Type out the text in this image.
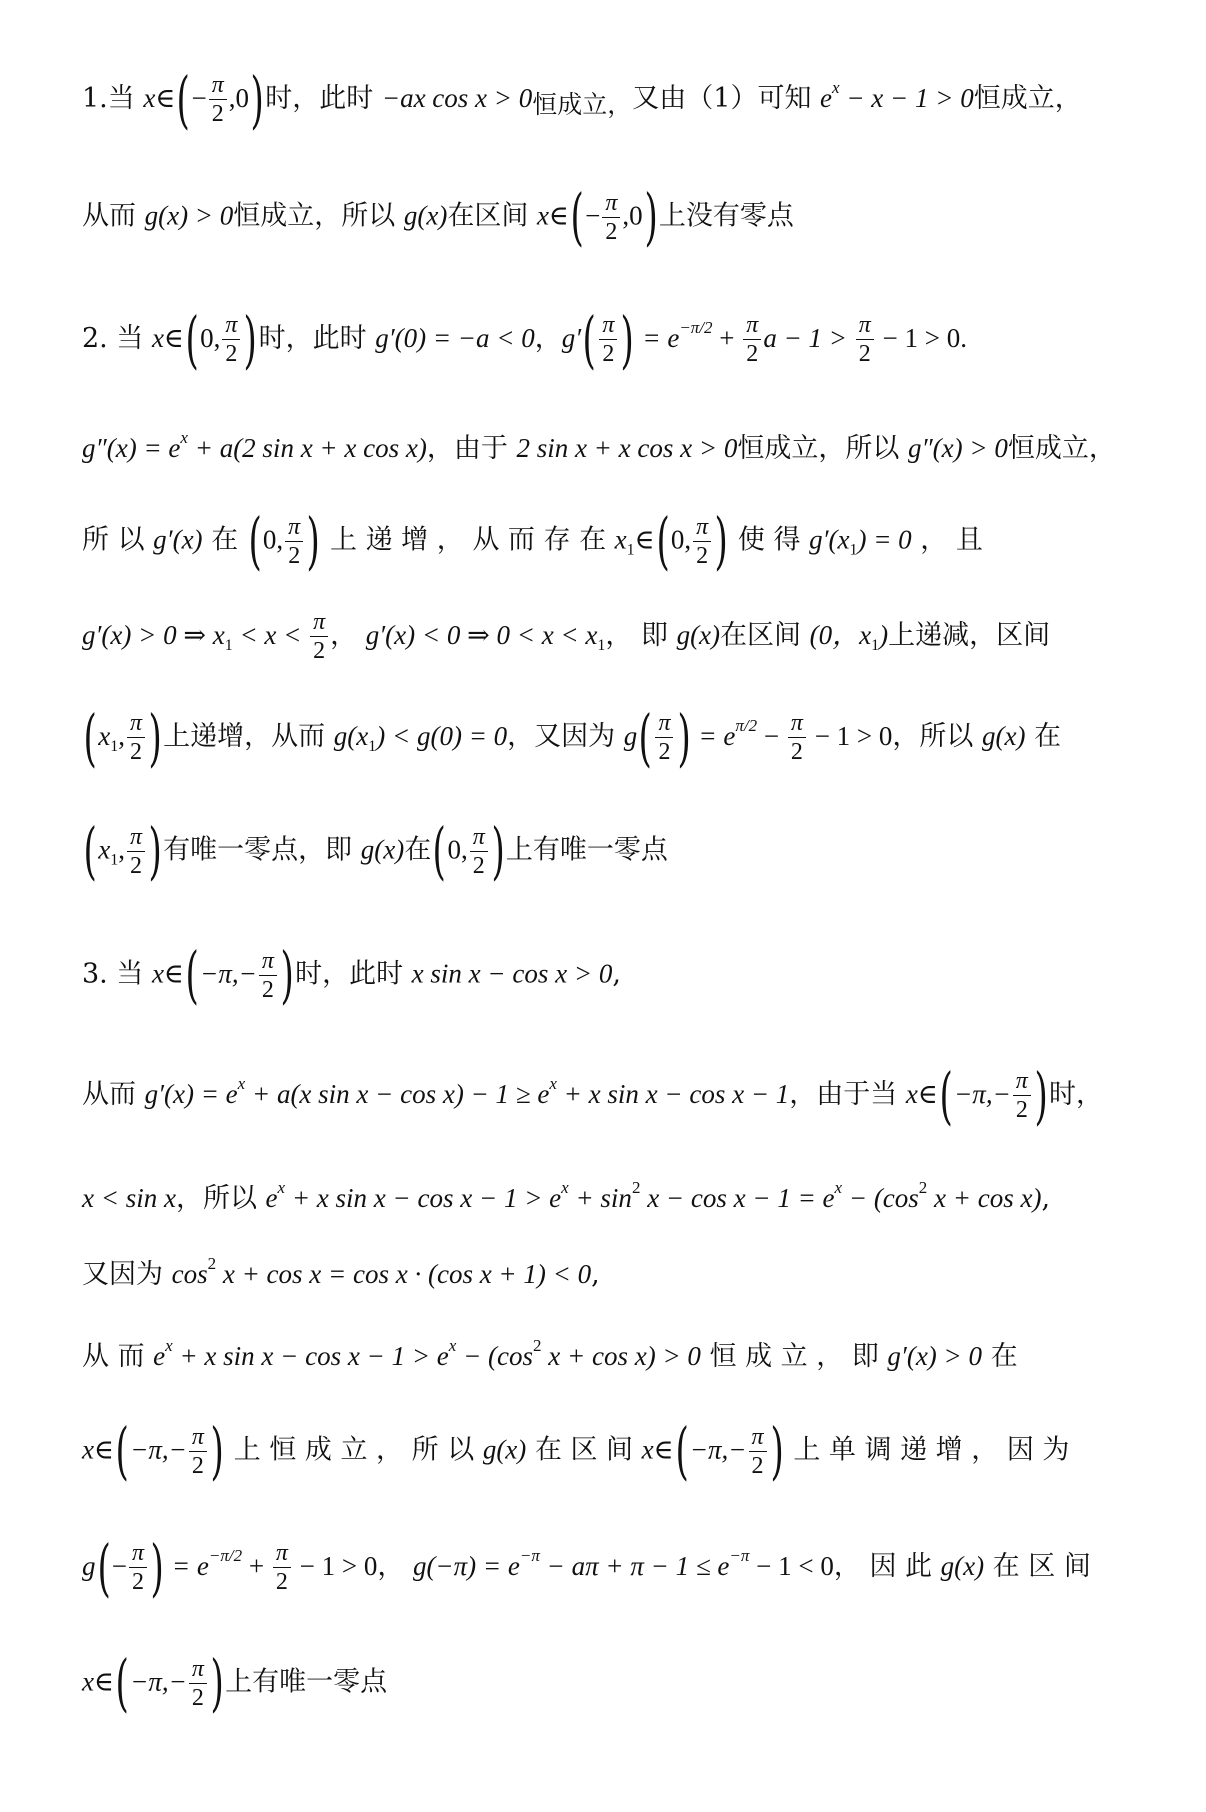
1.当 x∈(− $\frac{\pi}{2} ,0$)时，此时 −ax cos x > 0恒成立，又由（1）可知 $e^x - x - 1 > 0$恒成立，
从而 g(x) > 0恒成立，所以 g(x)在区间 x∈(− $\frac{\pi}{2} ,0$)上没有零点
2. 当 x∈(0, $\frac{\pi}{2}$ )时，此时 g′(0) = −a < 0，$g'( \frac{\pi}{2}$ ) = $e^{-\pi/2} + \frac{\pi}{2}$ $a - 1 > \frac{\pi}{2} - 1 > 0$.
$g''(x) = e^x + a(2$ sin x + x cos x)，由于 2 sin x + x cos x > 0恒成立，所以 g″(x) > 0恒成立，
所 以 g′(x) 在 (0, $\frac{\pi}{2}$ ) 上 递 增 ， 从 而 存 在 $x_1\in(0$, $\frac{\pi}{2}$ ) 使 得 $g'(x_1) = 0$ ， 且
g′(x) > 0 ⇒ $x_1 < x < \frac{\pi}{2}$ ， g′(x) < 0 ⇒ $0 < x < x_1$， 即 g(x)在区间 (0，$x_1$)上递减，区间
($x_1$, $\frac{\pi}{2}$ )上递增，从而 $g(x_1) < g(0) = 0$，又因为 $g( \frac{\pi}{2}$ ) = $e^{\pi/2} - \frac{\pi}{2} - 1 > 0$，所以 g(x) 在
($x_1$, $\frac{\pi}{2}$ )有唯一零点，即 g(x)在(0, $\frac{\pi}{2}$ )上有唯一零点
3. 当 x∈(−π,− $\frac{\pi}{2}$ )时，此时 x sin x − cos x > 0,
从而 $g'(x) = e^x + a(x$ $\sin x - \cos x) - 1 \ge e^x + x$ sin x − cos x − 1，由于当 x∈(−π,− $\frac{\pi}{2}$ )时，
x < sin x，所以 $e^x + x$ $\sin x - \cos x - 1 > e^x + \sin^2 x - \cos x - 1 = e^x - (\cos^2$ x + cos x),
又因为 $\cos^2 x + \cos x = \cos x \cdot (\cos$ x + 1) < 0,
从 而 $e^x + x$ $\sin x - \cos x - 1 > e^x - (\cos^2$ x + cos x) > 0 恒 成 立 ， 即 g′(x) > 0 在
x∈(−π,− $\frac{\pi}{2}$ ) 上 恒 成 立 ， 所 以 g(x) 在 区 间 x∈(−π,− $\frac{\pi}{2}$ ) 上 单 调 递 增 ， 因 为
$g(- \frac{\pi}{2}$ ) = $e^{-\pi/2} + \frac{\pi}{2} - 1 > 0$， $g(-\pi) = e^{-\pi} - a\pi + \pi - 1 \le e^{-\pi} - 1 < 0$， 因 此 g(x) 在 区 间
x∈(−π,− $\frac{\pi}{2}$ )上有唯一零点
